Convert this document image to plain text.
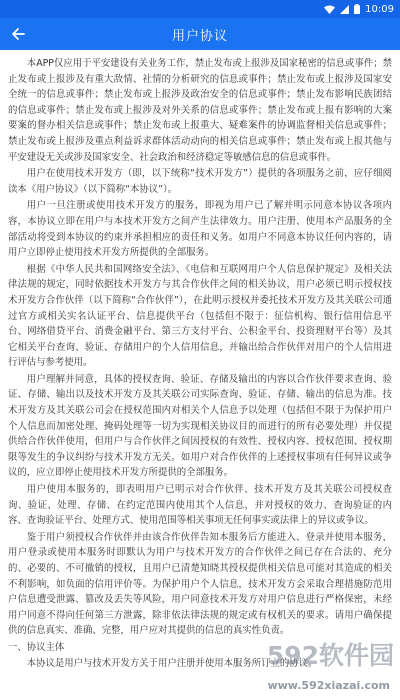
10:09
用户协议

本APP仅应用于平安建设有关业务工作，禁止发布或上报涉及国家秘密的信息或事件；禁止发布或上报涉及有重大敌情、社情的分析研究的信息或事件；禁止发布或上报涉及国家安全统一的信息或事件；禁止发布或上报涉及政治安全的信息或事件；禁止发布影响民族团结的信息或事件；禁止发布或上报涉及对外关系的信息或事件；禁止发布或上报有影响的大案要案的督办相关信息或事件；禁止发布或上报重大、疑难案件的协调监督相关信息或事件；禁止发布或上报涉及重点利益诉求群体活动动向的相关信息或事件；禁止发布或上报其他与平安建设无关或涉及国家安全、社会政治和经济稳定等敏感信息的信息或事件。

用户在使用技术开发方（即，以下统称“技术开发方”）提供的各项服务之前，应仔细阅读本《用户协议》（以下简称“本协议”）。

用户一旦注册或使用技术开发方的服务，即视为用户已了解并明示同意本协议各项内容，本协议立即在用户与本技术开发方之间产生法律效力。用户注册、使用本产品服务的全部活动将受到本协议的约束并承担相应的责任和义务。如用户不同意本协议任何内容的，请用户立即停止使用技术开发方所提供的全部服务。

根据《中华人民共和国网络安全法》、《电信和互联网用户个人信息保护规定》及相关法律法规的规定，同时依据技术开发方与其合作伙伴之间的相关协议，用户必须已明示授权技术开发方合作伙伴（以下简称“合作伙伴”），在此明示授权并委托技术开发方及其关联公司通过官方或相关实名认证平台、信息提供平台（包括但不限于：征信机构、银行信用信息平台、网络借贷平台、消费金融平台、第三方支付平台、公积金平台、投资理财平台等）及其它相关平台查询、验证、存储用户的个人信用信息，并输出给合作伙伴对用户的个人信用进行评估与参考使用。

用户理解并同意，具体的授权查询、验证、存储及输出的内容以合作伙伴要求查询、验证、存储、输出以及技术开发方及其关联公司实际查询、验证、存储、输出的信息为准。技术开发方及其关联公司会在授权范围内对相关个人信息予以处理（包括但不限于为保护用户个人信息而加密处理、掩码处理等一切为实现相关协议目的而进行的所有必要处理）并仅提供给合作伙伴使用，但用户与合作伙伴之间因授权的有效性、授权内容、授权范围、授权期限等发生的争议纠纷与技术开发方无关。如用户对合作伙伴的上述授权事项有任何异议或争议的，应立即停止使用技术开发方所提供的全部服务。

用户使用本服务的，即表明用户已明示对合作伙伴、技术开发方及其关联公司授权查询、验证、处理、存储、在约定范围内使用其个人信息，并对授权的效力、查询验证的内容、查询验证平台、处理方式、使用范围等相关事项无任何事实或法律上的异议或争议。

鉴于用户须授权合作伙伴并由该合作伙伴告知本服务后方能进入、登录并使用本服务，用户登录或使用本服务时即默认为用户与技术开发方的合作伙伴之间已存在合法的、充分的、必要的、不可撤销的授权，且用户已清楚知晓其授权提供相关信息可能对其造成的相关不利影响，如负面的信用评价等。为保护用户个人信息，技术开发方会采取合理措施防范用户信息遭受泄露、篡改及丢失等风险，用户同意技术开发方对用户信息进行严格保密，未经用户同意不得向任何第三方泄露，除非依法律法规的规定或有权机关的要求。请用户确保提供的信息真实、准确、完整，用户应对其提供的信息的真实性负责。

一、协议主体

本协议是用户与技术开发方关于用户注册并使用本服务所订立的协议。

592软件园
www.592xiazai.com
